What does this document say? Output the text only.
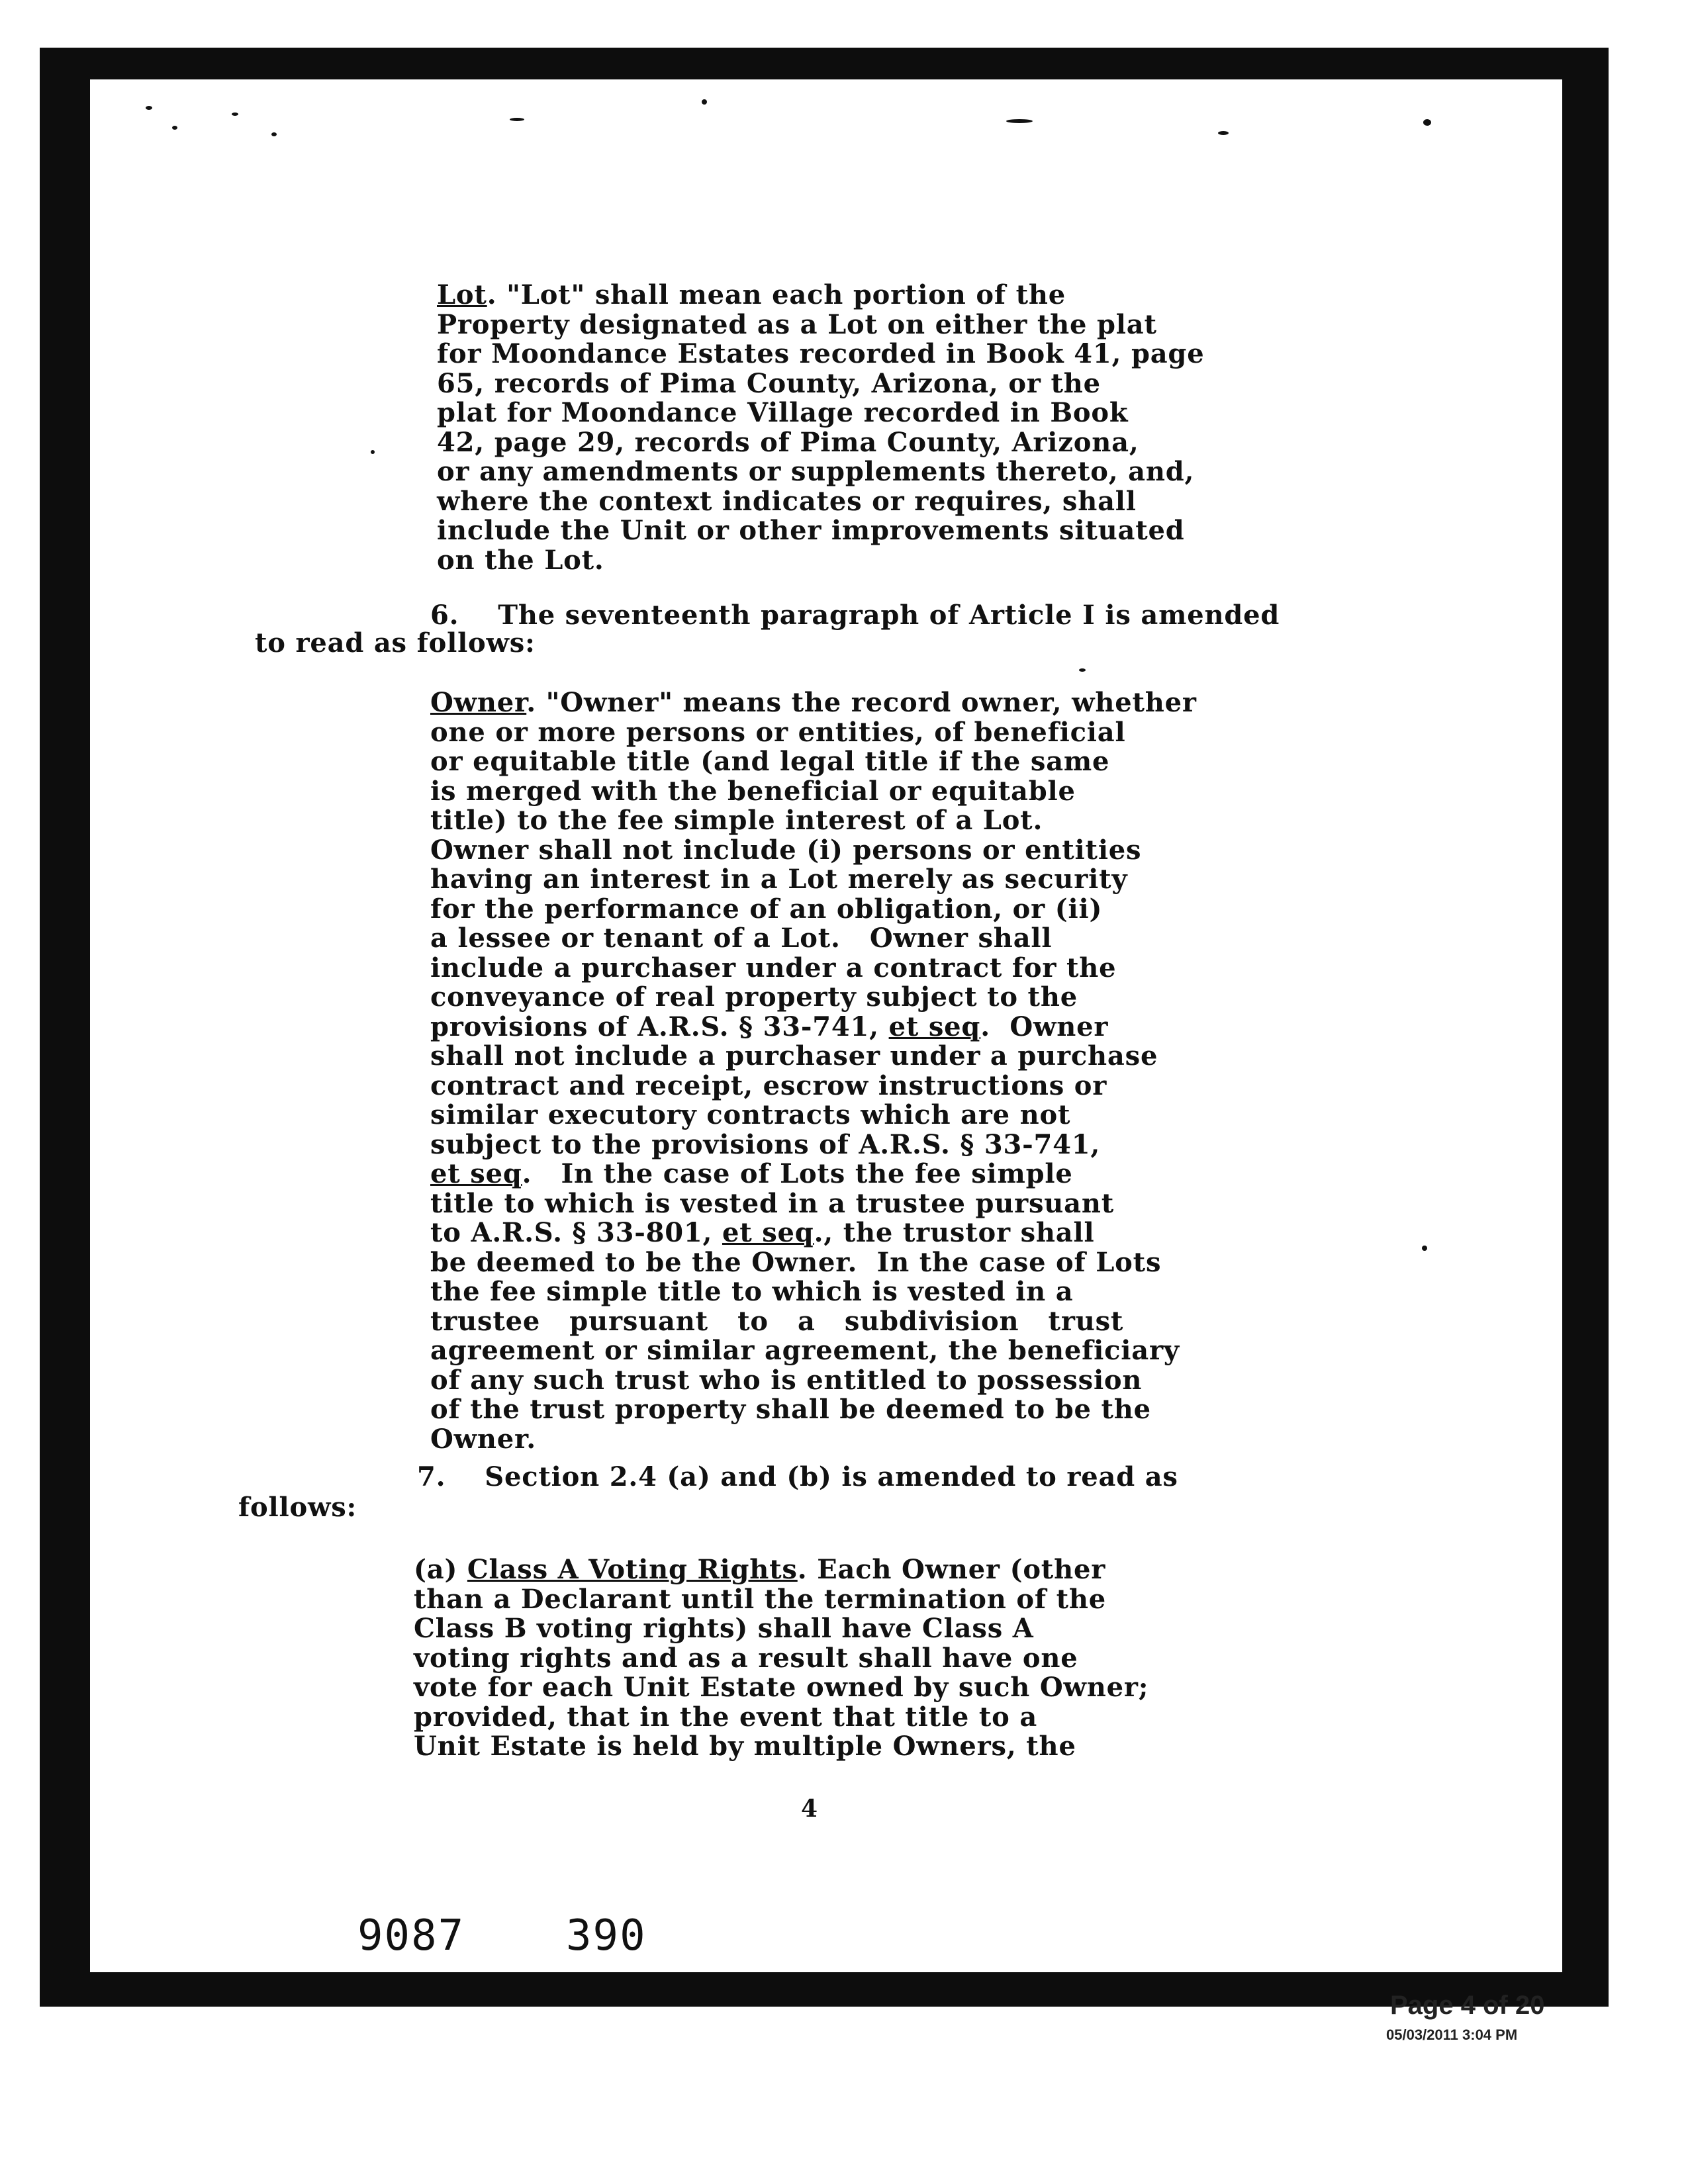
Lot. "Lot" shall mean each portion of the
Property designated as a Lot on either the plat
for Moondance Estates recorded in Book 41, page
65, records of Pima County, Arizona, or the
plat for Moondance Village recorded in Book
42, page 29, records of Pima County, Arizona,
or any amendments or supplements thereto, and,
where the context indicates or requires, shall
include the Unit or other improvements situated
on the Lot.
6.    The seventeenth paragraph of Article I is amended
to read as follows:
Owner. "Owner" means the record owner, whether
one or more persons or entities, of beneficial
or equitable title (and legal title if the same
is merged with the beneficial or equitable
title) to the fee simple interest of a Lot.
Owner shall not include (i) persons or entities
having an interest in a Lot merely as security
for the performance of an obligation, or (ii)
a lessee or tenant of a Lot.   Owner shall
include a purchaser under a contract for the
conveyance of real property subject to the
provisions of A.R.S. § 33-741, et seq.  Owner
shall not include a purchaser under a purchase
contract and receipt, escrow instructions or
similar executory contracts which are not
subject to the provisions of A.R.S. § 33-741,
et seq.   In the case of Lots the fee simple
title to which is vested in a trustee pursuant
to A.R.S. § 33-801, et seq., the trustor shall
be deemed to be the Owner.  In the case of Lots
the fee simple title to which is vested in a
trustee   pursuant   to   a   subdivision   trust
agreement or similar agreement, the beneficiary
of any such trust who is entitled to possession
of the trust property shall be deemed to be the
Owner.
7.    Section 2.4 (a) and (b) is amended to read as
follows:
(a) Class A Voting Rights. Each Owner (other
than a Declarant until the termination of the
Class B voting rights) shall have Class A
voting rights and as a result shall have one
vote for each Unit Estate owned by such Owner;
provided, that in the event that title to a
Unit Estate is held by multiple Owners, the
4
9087 390
Page 4 of 20
05/03/2011 3:04 PM
